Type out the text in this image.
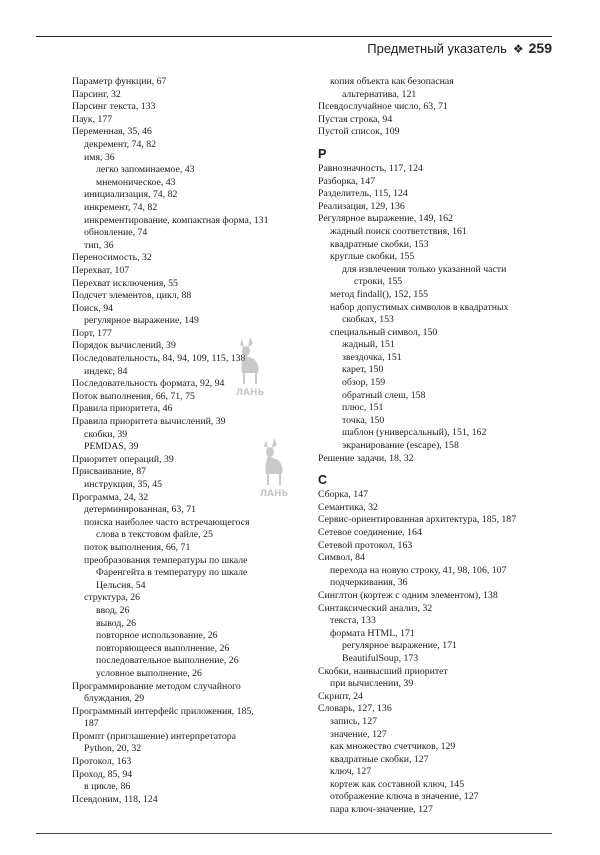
Предметный указатель ❖ 259
Параметр функции, 67
Парсинг, 32
Парсинг текста, 133
Паук, 177
Переменная, 35, 46
декремент, 74, 82
имя, 36
легко запоминаемое, 43
мнемоническое, 43
инициализация, 74, 82
инкремент, 74, 82
инкрементирование, компактная форма, 131
обновление, 74
тип, 36
Переносимость, 32
Перехват, 107
Перехват исключения, 55
Подсчет элементов, цикл, 88
Поиск, 94
регулярное выражение, 149
Порт, 177
Порядок вычислений, 39
Последовательность, 84, 94, 109, 115, 138
индекс, 84
Последовательность формата, 92, 94
Поток выполнения, 66, 71, 75
Правила приоритета, 46
Правила приоритета вычислений, 39
скобки, 39
PEMDAS, 39
Приоритет операций, 39
Присваивание, 87
инструкция, 35, 45
Программа, 24, 32
детерминированная, 63, 71
поиска наиболее часто встречающегося
слова в текстовом файле, 25
поток выполнения, 66, 71
преобразования температуры по шкале
Фаренгейта в температуру по шкале
Цельсия, 54
структура, 26
ввод, 26
вывод, 26
повторное использование, 26
повторяющееся выполнение, 26
последовательное выполнение, 26
условное выполнение, 26
Программирование методом случайного
блуждания, 29
Программный интерфейс приложения, 185,
187
Промпт (приглашение) интерпретатора
Python, 20, 32
Протокол, 163
Проход, 85, 94
в цикле, 86
Псевдоним, 118, 124
копия объекта как безопасная
альтернатива, 121
Псевдослучайное число, 63, 71
Пустая строка, 94
Пустой список, 109
Р
Равнозначность, 117, 124
Разборка, 147
Разделитель, 115, 124
Реализация, 129, 136
Регулярное выражение, 149, 162
жадный поиск соответствия, 161
квадратные скобки, 153
круглые скобки, 155
для извлечения только указанной части
строки, 155
метод findall(), 152, 155
набор допустимых символов в квадратных
скобках, 153
специальный символ, 150
жадный, 151
звездочка, 151
карет, 150
обзор, 159
обратный слеш, 158
плюс, 151
точка, 150
шаблон (универсальный), 151, 162
экранирование (escape), 158
Решение задачи, 18, 32
С
Сборка, 147
Семантика, 32
Сервис-ориентированная архитектура, 185, 187
Сетевое соединение, 164
Сетевой протокол, 163
Символ, 84
перехода на новую строку, 41, 98, 106, 107
подчеркивания, 36
Синглтон (кортеж с одним элементом), 138
Синтаксический анализ, 32
текста, 133
формата HTML, 171
регулярное выражение, 171
BeautifulSoup, 173
Скобки, наивысший приоритет
при вычислении, 39
Скрипт, 24
Словарь, 127, 136
запись, 127
значение, 127
как множество счетчиков, 129
квадратные скобки, 127
ключ, 127
кортеж как составной ключ, 145
отображение ключа в значение, 127
пара ключ-значение, 127
ЛАНЬ
ЛАНЬ
